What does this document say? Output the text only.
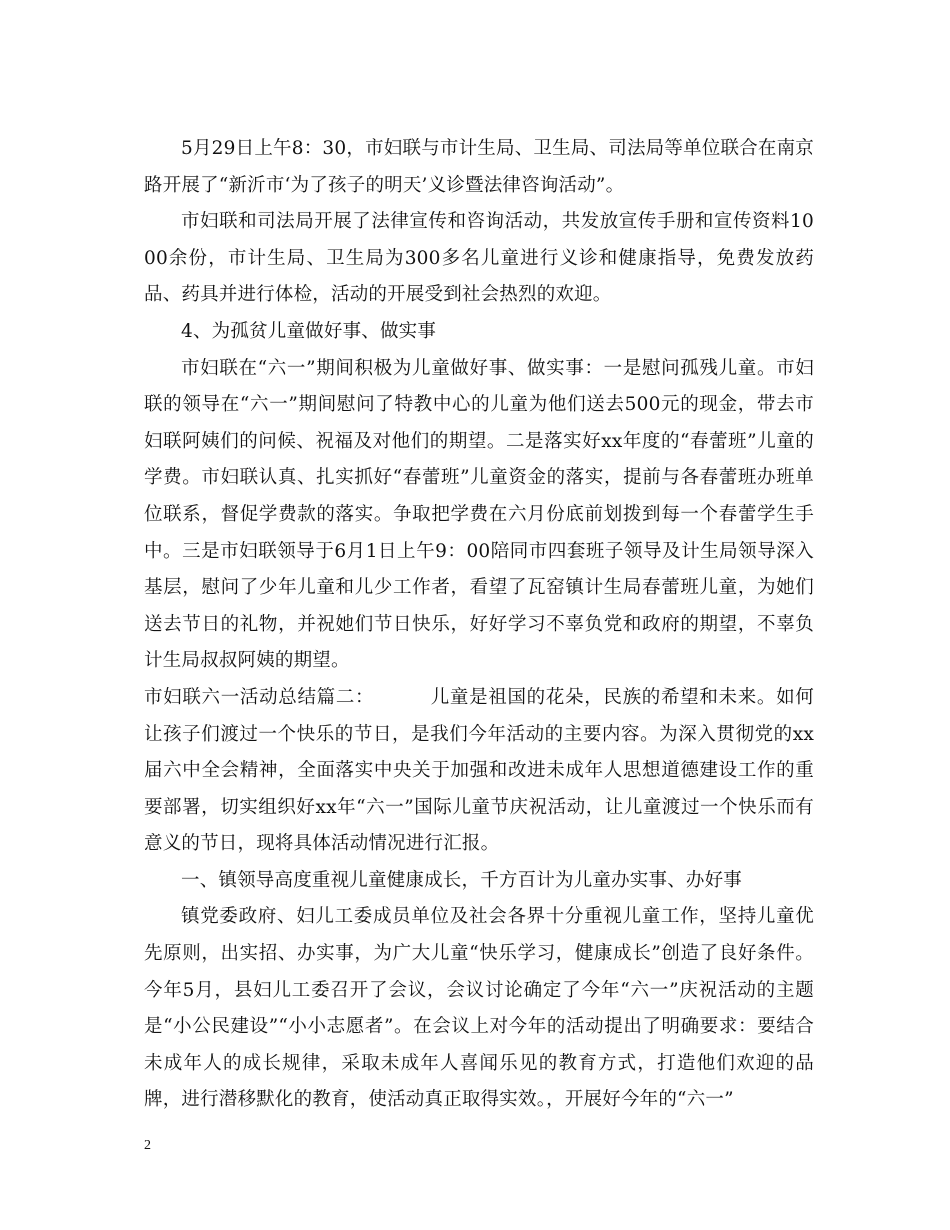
5月29日上午8：30，市妇联与市计生局、卫生局、司法局等单位联合在南京路开展了“新沂市‘为了孩子的明天’义诊暨法律咨询活动”。

市妇联和司法局开展了法律宣传和咨询活动，共发放宣传手册和宣传资料1000余份，市计生局、卫生局为300多名儿童进行义诊和健康指导，免费发放药品、药具并进行体检，活动的开展受到社会热烈的欢迎。

4、为孤贫儿童做好事、做实事

市妇联在“六一”期间积极为儿童做好事、做实事：一是慰问孤残儿童。市妇联的领导在“六一”期间慰问了特教中心的儿童为他们送去500元的现金，带去市妇联阿姨们的问候、祝福及对他们的期望。二是落实好xx年度的“春蕾班”儿童的学费。市妇联认真、扎实抓好“春蕾班”儿童资金的落实，提前与各春蕾班办班单位联系，督促学费款的落实。争取把学费在六月份底前划拨到每一个春蕾学生手中。三是市妇联领导于6月1日上午9：00陪同市四套班子领导及计生局领导深入基层，慰问了少年儿童和儿少工作者，看望了瓦窑镇计生局春蕾班儿童，为她们送去节日的礼物，并祝她们节日快乐，好好学习不辜负党和政府的期望，不辜负计生局叔叔阿姨的期望。

市妇联六一活动总结篇二：	儿童是祖国的花朵，民族的希望和未来。如何让孩子们渡过一个快乐的节日，是我们今年活动的主要内容。为深入贯彻党的xx届六中全会精神，全面落实中央关于加强和改进未成年人思想道德建设工作的重要部署，切实组织好xx年“六一”国际儿童节庆祝活动，让儿童渡过一个快乐而有意义的节日，现将具体活动情况进行汇报。

一、镇领导高度重视儿童健康成长，千方百计为儿童办实事、办好事

镇党委政府、妇儿工委成员单位及社会各界十分重视儿童工作，坚持儿童优先原则，出实招、办实事，为广大儿童“快乐学习，健康成长”创造了良好条件。今年5月，县妇儿工委召开了会议，会议讨论确定了今年“六一”庆祝活动的主题是“小公民建设”“小小志愿者”。在会议上对今年的活动提出了明确要求：要结合未成年人的成长规律，采取未成年人喜闻乐见的教育方式，打造他们欢迎的品牌，进行潜移默化的教育，使活动真正取得实效。，开展好今年的“六一”

2
